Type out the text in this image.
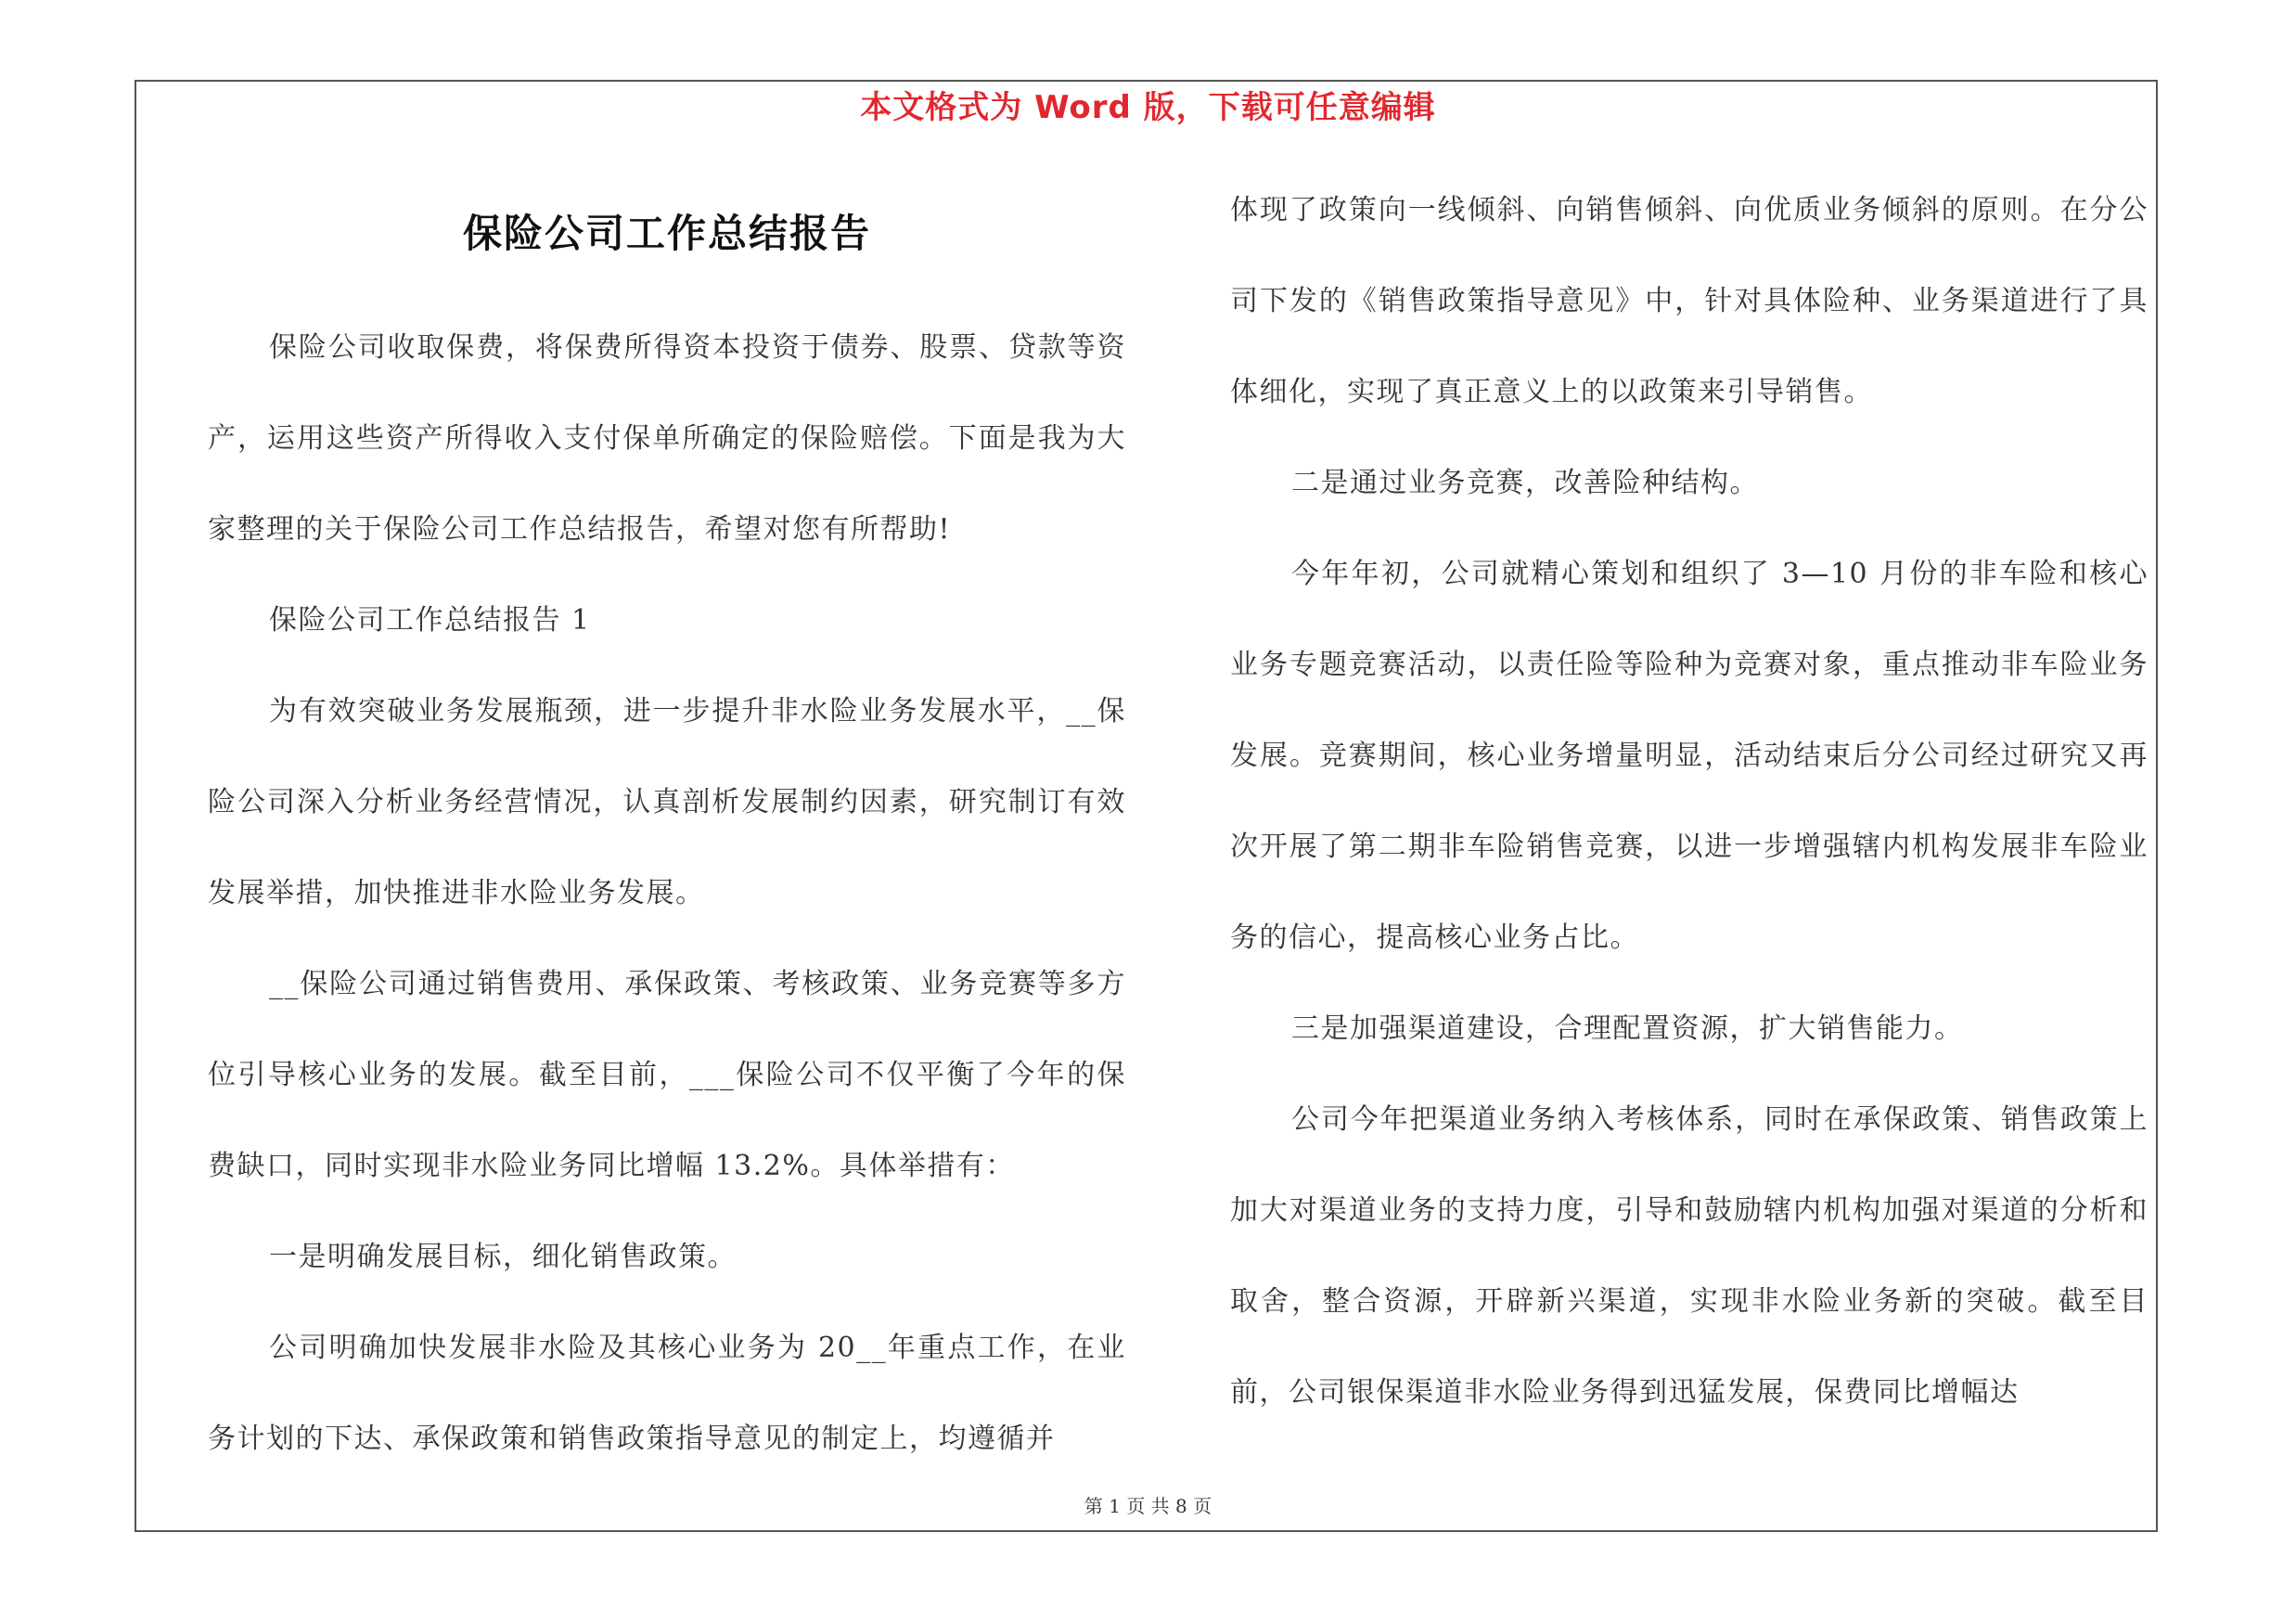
本文格式为 Word 版，下载可任意编辑
保险公司工作总结报告

保险公司收取保费，将保费所得资本投资于债券、股票、贷款等资产，运用这些资产所得收入支付保单所确定的保险赔偿。下面是我为大家整理的关于保险公司工作总结报告，希望对您有所帮助!

保险公司工作总结报告 1

为有效突破业务发展瓶颈，进一步提升非水险业务发展水平，__保险公司深入分析业务经营情况，认真剖析发展制约因素，研究制订有效发展举措，加快推进非水险业务发展。

__保险公司通过销售费用、承保政策、考核政策、业务竞赛等多方位引导核心业务的发展。截至目前，___保险公司不仅平衡了今年的保费缺口，同时实现非水险业务同比增幅 13.2%。具体举措有：

一是明确发展目标，细化销售政策。

公司明确加快发展非水险及其核心业务为 20__年重点工作，在业务计划的下达、承保政策和销售政策指导意见的制定上，均遵循并

体现了政策向一线倾斜、向销售倾斜、向优质业务倾斜的原则。在分公司下发的《销售政策指导意见》中，针对具体险种、业务渠道进行了具体细化，实现了真正意义上的以政策来引导销售。

二是通过业务竞赛，改善险种结构。

今年年初，公司就精心策划和组织了 3—10 月份的非车险和核心业务专题竞赛活动，以责任险等险种为竞赛对象，重点推动非车险业务发展。竞赛期间，核心业务增量明显，活动结束后分公司经过研究又再次开展了第二期非车险销售竞赛，以进一步增强辖内机构发展非车险业务的信心，提高核心业务占比。

三是加强渠道建设，合理配置资源，扩大销售能力。

公司今年把渠道业务纳入考核体系，同时在承保政策、销售政策上加大对渠道业务的支持力度，引导和鼓励辖内机构加强对渠道的分析和取舍，整合资源，开辟新兴渠道，实现非水险业务新的突破。截至目前，公司银保渠道非水险业务得到迅猛发展，保费同比增幅达

第 1 页 共 8 页
